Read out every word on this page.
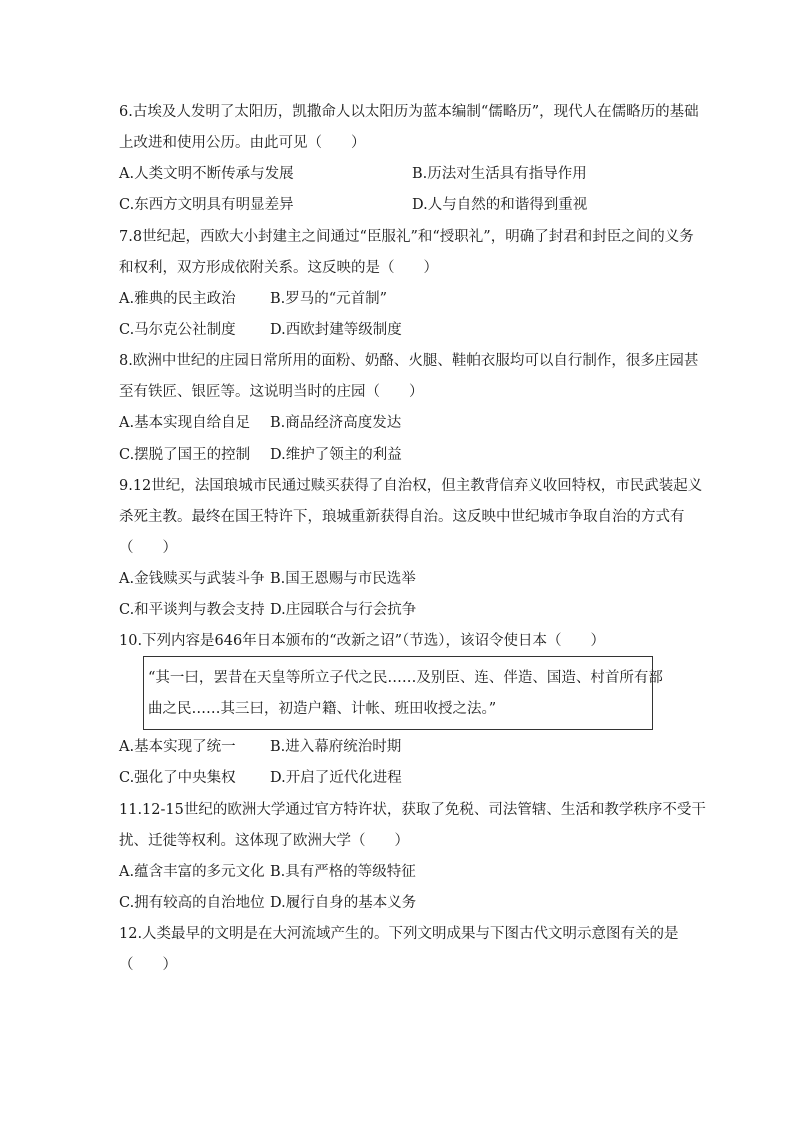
6.古埃及人发明了太阳历，凯撒命人以太阳历为蓝本编制“儒略历”，现代人在儒略历的基础
上改进和使用公历。由此可见（　　）
A.人类文明不断传承与发展	B.历法对生活具有指导作用
C.东西方文明具有明显差异	D.人与自然的和谐得到重视
7.8世纪起，西欧大小封建主之间通过“臣服礼”和“授职礼”，明确了封君和封臣之间的义务
和权利，双方形成依附关系。这反映的是（　　）
A.雅典的民主政治 B.罗马的“元首制”
C.马尔克公社制度 D.西欧封建等级制度
8.欧洲中世纪的庄园日常所用的面粉、奶酪、火腿、鞋帕衣服均可以自行制作，很多庄园甚
至有铁匠、银匠等。这说明当时的庄园（　　）
A.基本实现自给自足 B.商品经济高度发达
C.摆脱了国王的控制 D.维护了领主的利益
9.12世纪，法国琅城市民通过赎买获得了自治权，但主教背信弃义收回特权，市民武装起义
杀死主教。最终在国王特许下，琅城重新获得自治。这反映中世纪城市争取自治的方式有
（　　）
A.金钱赎买与武装斗争 B.国王恩赐与市民选举
C.和平谈判与教会支持 D.庄园联合与行会抗争
10.下列内容是646年日本颁布的“改新之诏”（节选），该诏令使日本（　　）
“其一曰，罢昔在天皇等所立子代之民……及别臣、连、伴造、国造、村首所有部
曲之民……其三曰，初造户籍、计帐、班田收授之法。”
A.基本实现了统一 B.进入幕府统治时期
C.强化了中央集权 D.开启了近代化进程
11.12-15世纪的欧洲大学通过官方特许状，获取了免税、司法管辖、生活和教学秩序不受干
扰、迁徙等权利。这体现了欧洲大学（　　）
A.蕴含丰富的多元文化 B.具有严格的等级特征
C.拥有较高的自治地位 D.履行自身的基本义务
12.人类最早的文明是在大河流域产生的。下列文明成果与下图古代文明示意图有关的是
（　　）
